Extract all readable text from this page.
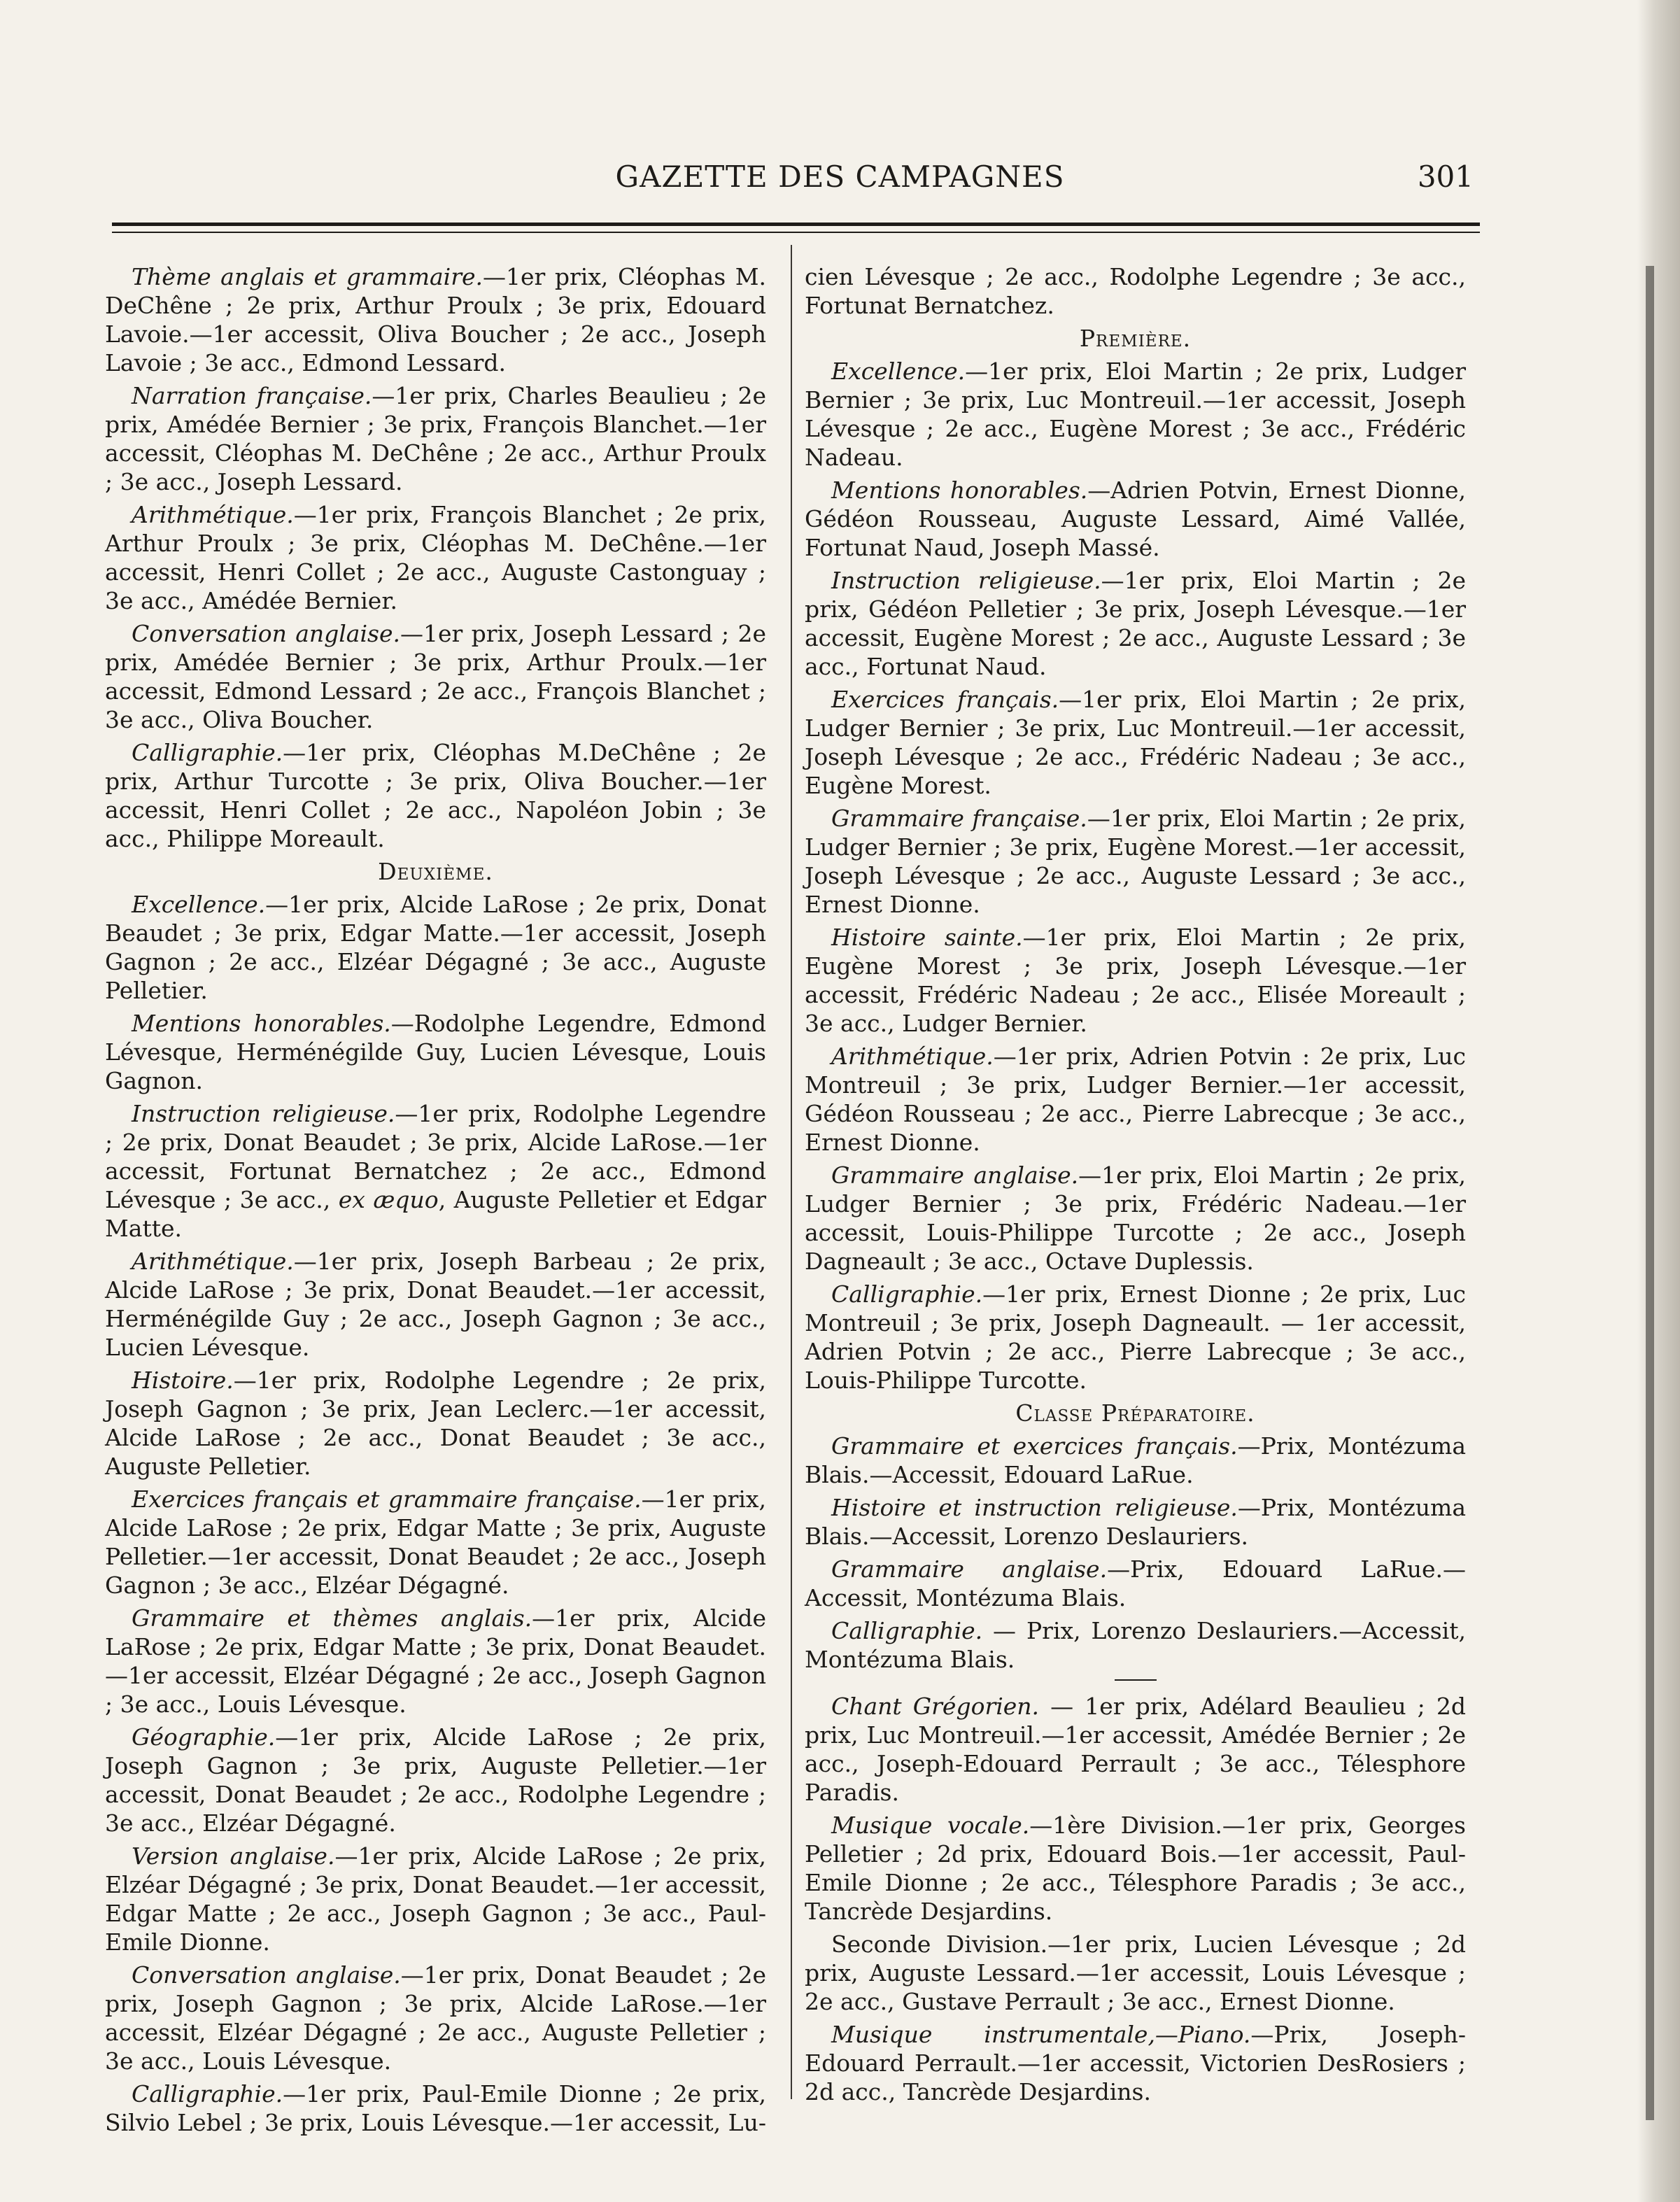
GAZETTE DES CAMPAGNES	301

Thème anglais et grammaire.—1er prix, Cléophas M. DeChêne ; 2e prix, Arthur Proulx ; 3e prix, Edouard Lavoie.—1er accessit, Oliva Boucher ; 2e acc., Joseph Lavoie ; 3e acc., Edmond Lessard.

Narration française.—1er prix, Charles Beaulieu ; 2e prix, Amédée Bernier ; 3e prix, François Blanchet.—1er accessit, Cléophas M. DeChêne ; 2e acc., Arthur Proulx ; 3e acc., Joseph Lessard.

Arithmétique.—1er prix, François Blanchet ; 2e prix, Arthur Proulx ; 3e prix, Cléophas M. DeChêne.—1er accessit, Henri Collet ; 2e acc., Auguste Castonguay ; 3e acc., Amédée Bernier.

Conversation anglaise.—1er prix, Joseph Lessard ; 2e prix, Amédée Bernier ; 3e prix, Arthur Proulx.—1er accessit, Edmond Lessard ; 2e acc., François Blanchet ; 3e acc., Oliva Boucher.

Calligraphie.—1er prix, Cléophas M.DeChêne ; 2e prix, Arthur Turcotte ; 3e prix, Oliva Boucher.—1er accessit, Henri Collet ; 2e acc., Napoléon Jobin ; 3e acc., Philippe Moreault.

Deuxième.

Excellence.—1er prix, Alcide LaRose ; 2e prix, Donat Beaudet ; 3e prix, Edgar Matte.—1er accessit, Joseph Gagnon ; 2e acc., Elzéar Dégagné ; 3e acc., Auguste Pelletier.

Mentions honorables.—Rodolphe Legendre, Edmond Lévesque, Herménégilde Guy, Lucien Lévesque, Louis Gagnon.

Instruction religieuse.—1er prix, Rodolphe Legendre ; 2e prix, Donat Beaudet ; 3e prix, Alcide LaRose.—1er accessit, Fortunat Bernatchez ; 2e acc., Edmond Lévesque ; 3e acc., ex æquo, Auguste Pelletier et Edgar Matte.

Arithmétique.—1er prix, Joseph Barbeau ; 2e prix, Alcide LaRose ; 3e prix, Donat Beaudet.—1er accessit, Herménégilde Guy ; 2e acc., Joseph Gagnon ; 3e acc., Lucien Lévesque.

Histoire.—1er prix, Rodolphe Legendre ; 2e prix, Joseph Gagnon ; 3e prix, Jean Leclerc.—1er accessit, Alcide LaRose ; 2e acc., Donat Beaudet ; 3e acc., Auguste Pelletier.

Exercices français et grammaire française.—1er prix, Alcide LaRose ; 2e prix, Edgar Matte ; 3e prix, Auguste Pelletier.—1er accessit, Donat Beaudet ; 2e acc., Joseph Gagnon ; 3e acc., Elzéar Dégagné.

Grammaire et thèmes anglais.—1er prix, Alcide LaRose ; 2e prix, Edgar Matte ; 3e prix, Donat Beaudet.—1er accessit, Elzéar Dégagné ; 2e acc., Joseph Gagnon ; 3e acc., Louis Lévesque.

Géographie.—1er prix, Alcide LaRose ; 2e prix, Joseph Gagnon ; 3e prix, Auguste Pelletier.—1er accessit, Donat Beaudet ; 2e acc., Rodolphe Legendre ; 3e acc., Elzéar Dégagné.

Version anglaise.—1er prix, Alcide LaRose ; 2e prix, Elzéar Dégagné ; 3e prix, Donat Beaudet.—1er accessit, Edgar Matte ; 2e acc., Joseph Gagnon ; 3e acc., Paul-Emile Dionne.

Conversation anglaise.—1er prix, Donat Beaudet ; 2e prix, Joseph Gagnon ; 3e prix, Alcide LaRose.—1er accessit, Elzéar Dégagné ; 2e acc., Auguste Pelletier ; 3e acc., Louis Lévesque.

Calligraphie.—1er prix, Paul-Emile Dionne ; 2e prix, Silvio Lebel ; 3e prix, Louis Lévesque.—1er accessit, Lu-

cien Lévesque ; 2e acc., Rodolphe Legendre ; 3e acc., Fortunat Bernatchez.

Première.

Excellence.—1er prix, Eloi Martin ; 2e prix, Ludger Bernier ; 3e prix, Luc Montreuil.—1er accessit, Joseph Lévesque ; 2e acc., Eugène Morest ; 3e acc., Frédéric Nadeau.

Mentions honorables.—Adrien Potvin, Ernest Dionne, Gédéon Rousseau, Auguste Lessard, Aimé Vallée, Fortunat Naud, Joseph Massé.

Instruction religieuse.—1er prix, Eloi Martin ; 2e prix, Gédéon Pelletier ; 3e prix, Joseph Lévesque.—1er accessit, Eugène Morest ; 2e acc., Auguste Lessard ; 3e acc., Fortunat Naud.

Exercices français.—1er prix, Eloi Martin ; 2e prix, Ludger Bernier ; 3e prix, Luc Montreuil.—1er accessit, Joseph Lévesque ; 2e acc., Frédéric Nadeau ; 3e acc., Eugène Morest.

Grammaire française.—1er prix, Eloi Martin ; 2e prix, Ludger Bernier ; 3e prix, Eugène Morest.—1er accessit, Joseph Lévesque ; 2e acc., Auguste Lessard ; 3e acc., Ernest Dionne.

Histoire sainte.—1er prix, Eloi Martin ; 2e prix, Eugène Morest ; 3e prix, Joseph Lévesque.—1er accessit, Frédéric Nadeau ; 2e acc., Elisée Moreault ; 3e acc., Ludger Bernier.

Arithmétique.—1er prix, Adrien Potvin : 2e prix, Luc Montreuil ; 3e prix, Ludger Bernier.—1er accessit, Gédéon Rousseau ; 2e acc., Pierre Labrecque ; 3e acc., Ernest Dionne.

Grammaire anglaise.—1er prix, Eloi Martin ; 2e prix, Ludger Bernier ; 3e prix, Frédéric Nadeau.—1er accessit, Louis-Philippe Turcotte ; 2e acc., Joseph Dagneault ; 3e acc., Octave Duplessis.

Calligraphie.—1er prix, Ernest Dionne ; 2e prix, Luc Montreuil ; 3e prix, Joseph Dagneault. — 1er accessit, Adrien Potvin ; 2e acc., Pierre Labrecque ; 3e acc., Louis-Philippe Turcotte.

Classe Préparatoire.

Grammaire et exercices français.—Prix, Montézuma Blais.—Accessit, Edouard LaRue.

Histoire et instruction religieuse.—Prix, Montézuma Blais.—Accessit, Lorenzo Deslauriers.

Grammaire anglaise.—Prix, Edouard LaRue.—Accessit, Montézuma Blais.

Calligraphie. — Prix, Lorenzo Deslauriers.—Accessit, Montézuma Blais.

Chant Grégorien. — 1er prix, Adélard Beaulieu ; 2d prix, Luc Montreuil.—1er accessit, Amédée Bernier ; 2e acc., Joseph-Edouard Perrault ; 3e acc., Télesphore Paradis.

Musique vocale.—1ère Division.—1er prix, Georges Pelletier ; 2d prix, Edouard Bois.—1er accessit, Paul-Emile Dionne ; 2e acc., Télesphore Paradis ; 3e acc., Tancrède Desjardins.

Seconde Division.—1er prix, Lucien Lévesque ; 2d prix, Auguste Lessard.—1er accessit, Louis Lévesque ; 2e acc., Gustave Perrault ; 3e acc., Ernest Dionne.

Musique instrumentale,—Piano.—Prix, Joseph-Edouard Perrault.—1er accessit, Victorien DesRosiers ; 2d acc., Tancrède Desjardins.
